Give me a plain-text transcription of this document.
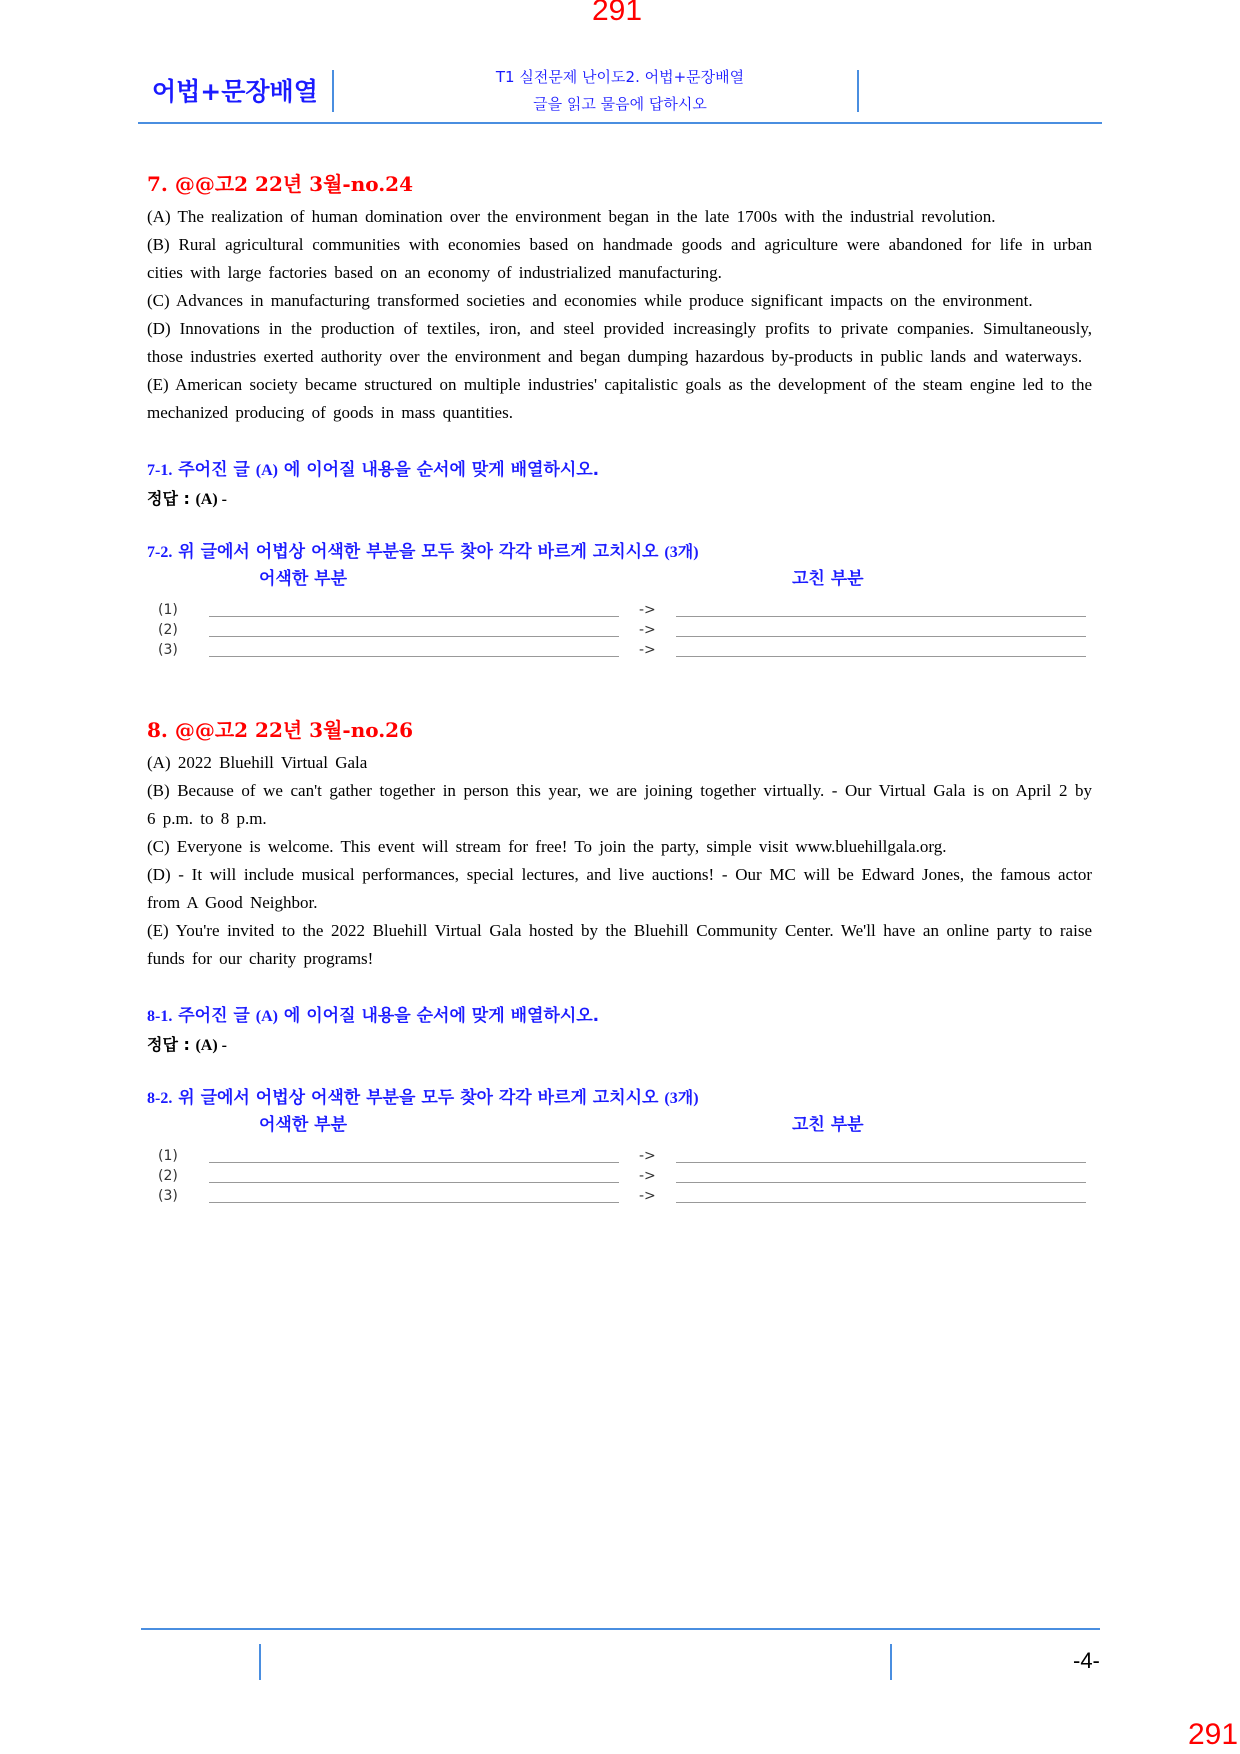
291
어법+문장배열	T1 실전문제 난이도2. 어법+문장배열
글을 읽고 물음에 답하시오
7. @@고2 22년 3월-no.24

(A) The realization of human domination over the environment began in the late 1700s with the industrial revolution.

(B) Rural agricultural communities with economies based on handmade goods and agriculture were abandoned for life in urban cities with large factories based on an economy of industrialized manufacturing.

(C) Advances in manufacturing transformed societies and economies while produce significant impacts on the environment.

(D) Innovations in the production of textiles, iron, and steel provided increasingly profits to private companies. Simultaneously, those industries exerted authority over the environment and began dumping hazardous by-products in public lands and waterways.

(E) American society became structured on multiple industries' capitalistic goals as the development of the steam engine led to the mechanized producing of goods in mass quantities.

7-1. 주어진 글 (A) 에 이어질 내용을 순서에 맞게 배열하시오.
정답 : (A) -
7-2. 위 글에서 어법상 어색한 부분을 모두 찾아 각각 바르게 고치시오 (3개)
어색한 부분	고친 부분
(1)	->
(2)	->
(3)	->
8. @@고2 22년 3월-no.26

(A) 2022 Bluehill Virtual Gala

(B) Because of we can't gather together in person this year, we are joining together virtually. - Our Virtual Gala is on April 2 by 6 p.m. to 8 p.m.

(C) Everyone is welcome. This event will stream for free! To join the party, simple visit www.bluehillgala.org.

(D) - It will include musical performances, special lectures, and live auctions! - Our MC will be Edward Jones, the famous actor from A Good Neighbor.

(E) You're invited to the 2022 Bluehill Virtual Gala hosted by the Bluehill Community Center. We'll have an online party to raise funds for our charity programs!

8-1. 주어진 글 (A) 에 이어질 내용을 순서에 맞게 배열하시오.
정답 : (A) -
8-2. 위 글에서 어법상 어색한 부분을 모두 찾아 각각 바르게 고치시오 (3개)
어색한 부분	고친 부분
(1)	->
(2)	->
(3)	->
-4-
291
